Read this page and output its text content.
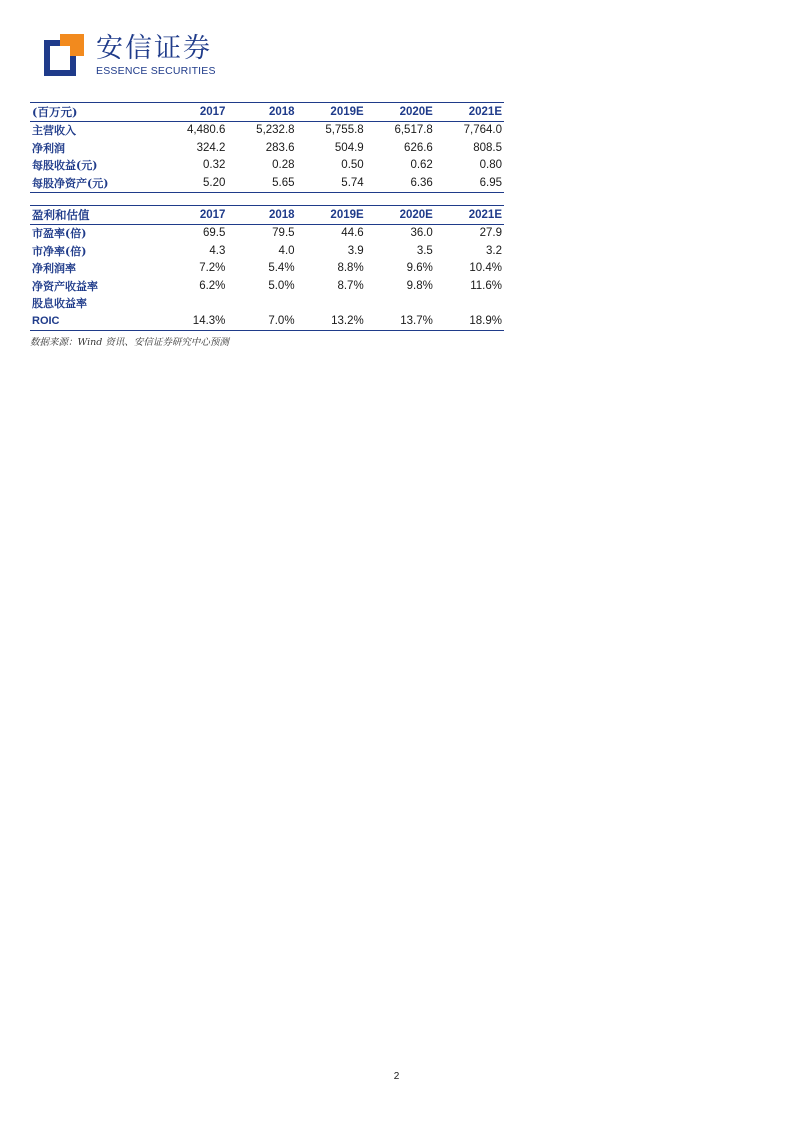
安信证券
ESSENCE SECURITIES
(百万元)	2017	2018	2019E	2020E	2021E
主营收入	4,480.6	5,232.8	5,755.8	6,517.8	7,764.0
净利润	324.2	283.6	504.9	626.6	808.5
每股收益(元)	0.32	0.28	0.50	0.62	0.80
每股净资产(元)	5.20	5.65	5.74	6.36	6.95
盈利和估值	2017	2018	2019E	2020E	2021E
市盈率(倍)	69.5	79.5	44.6	36.0	27.9
市净率(倍)	4.3	4.0	3.9	3.5	3.2
净利润率	7.2%	5.4%	8.8%	9.6%	10.4%
净资产收益率	6.2%	5.0%	8.7%	9.8%	11.6%
股息收益率					
ROIC	14.3%	7.0%	13.2%	13.7%	18.9%
数据来源：Wind 资讯、安信证券研究中心预测
2
